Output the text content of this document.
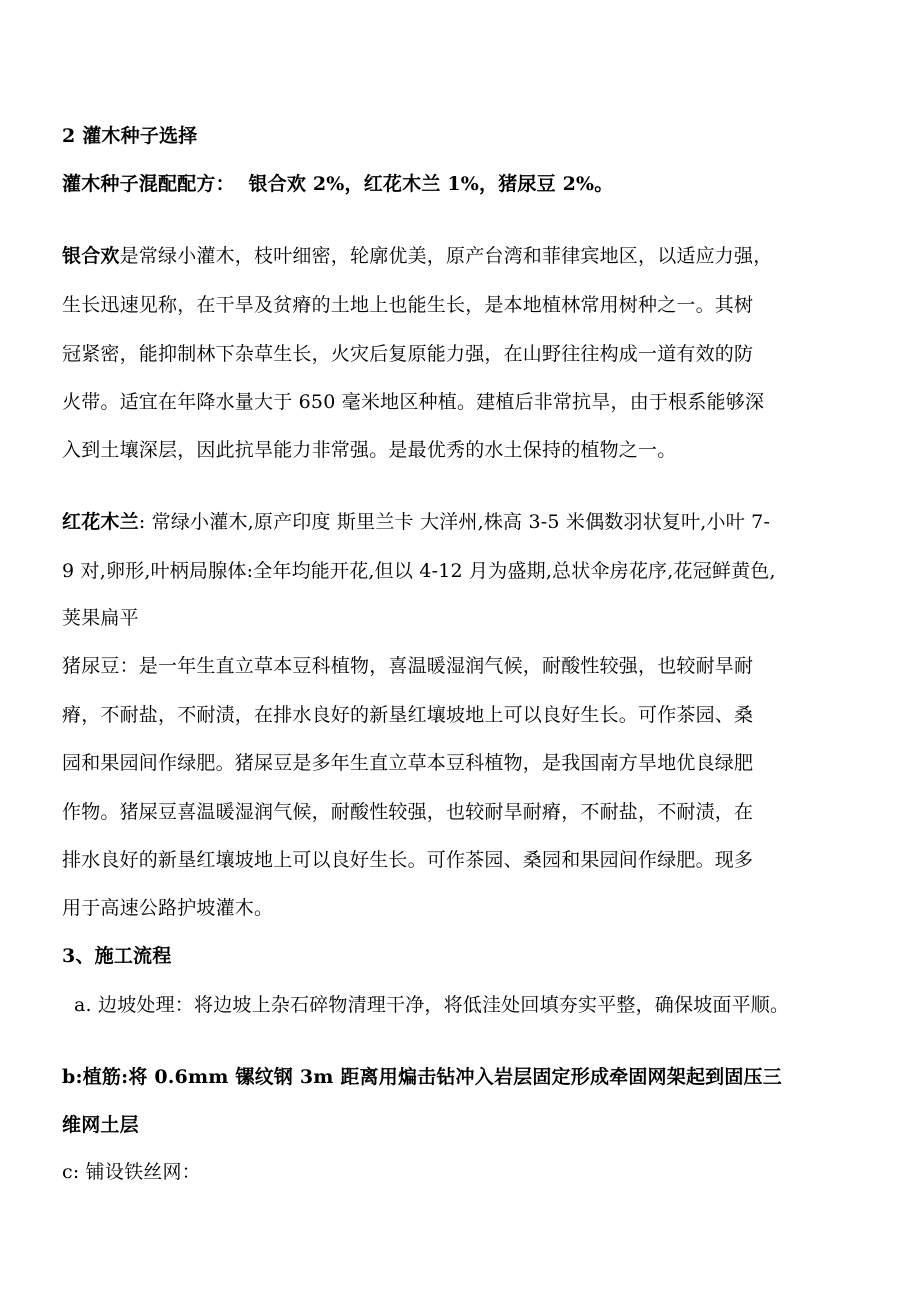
2 灌木种子选择
灌木种子混配配方：  银合欢 2%，红花木兰 1%，猪尿豆 2%。
银合欢是常绿小灌木，枝叶细密，轮廓优美，原产台湾和菲律宾地区，以适应力强，
生长迅速见称，在干旱及贫瘠的土地上也能生长，是本地植林常用树种之一。其树
冠紧密，能抑制林下杂草生长，火灾后复原能力强，在山野往往构成一道有效的防
火带。适宜在年降水量大于 650 毫米地区种植。建植后非常抗旱，由于根系能够深
入到土壤深层，因此抗旱能力非常强。是最优秀的水土保持的植物之一。
红花木兰: 常绿小灌木,原产印度 斯里兰卡 大洋州,株高 3-5 米偶数羽状复叶,小叶 7-
9 对,卵形,叶柄局腺体:全年均能开花,但以 4-12 月为盛期,总状伞房花序,花冠鲜黄色,
荚果扁平
猪尿豆：是一年生直立草本豆科植物，喜温暖湿润气候，耐酸性较强，也较耐旱耐
瘠，不耐盐，不耐渍，在排水良好的新垦红壤坡地上可以良好生长。可作茶园、桑
园和果园间作绿肥。猪屎豆是多年生直立草本豆科植物，是我国南方旱地优良绿肥
作物。猪屎豆喜温暖湿润气候，耐酸性较强，也较耐旱耐瘠，不耐盐，不耐渍，在
排水良好的新垦红壤坡地上可以良好生长。可作茶园、桑园和果园间作绿肥。现多
用于高速公路护坡灌木。
3、施工流程
a. 边坡处理：将边坡上杂石碎物清理干净，将低洼处回填夯实平整，确保坡面平顺。
b:植筋:将 0.6mm 镙纹钢 3m 距离用煸击钻冲入岩层固定形成牵固网架起到固压三
维网土层
c: 铺设铁丝网：
